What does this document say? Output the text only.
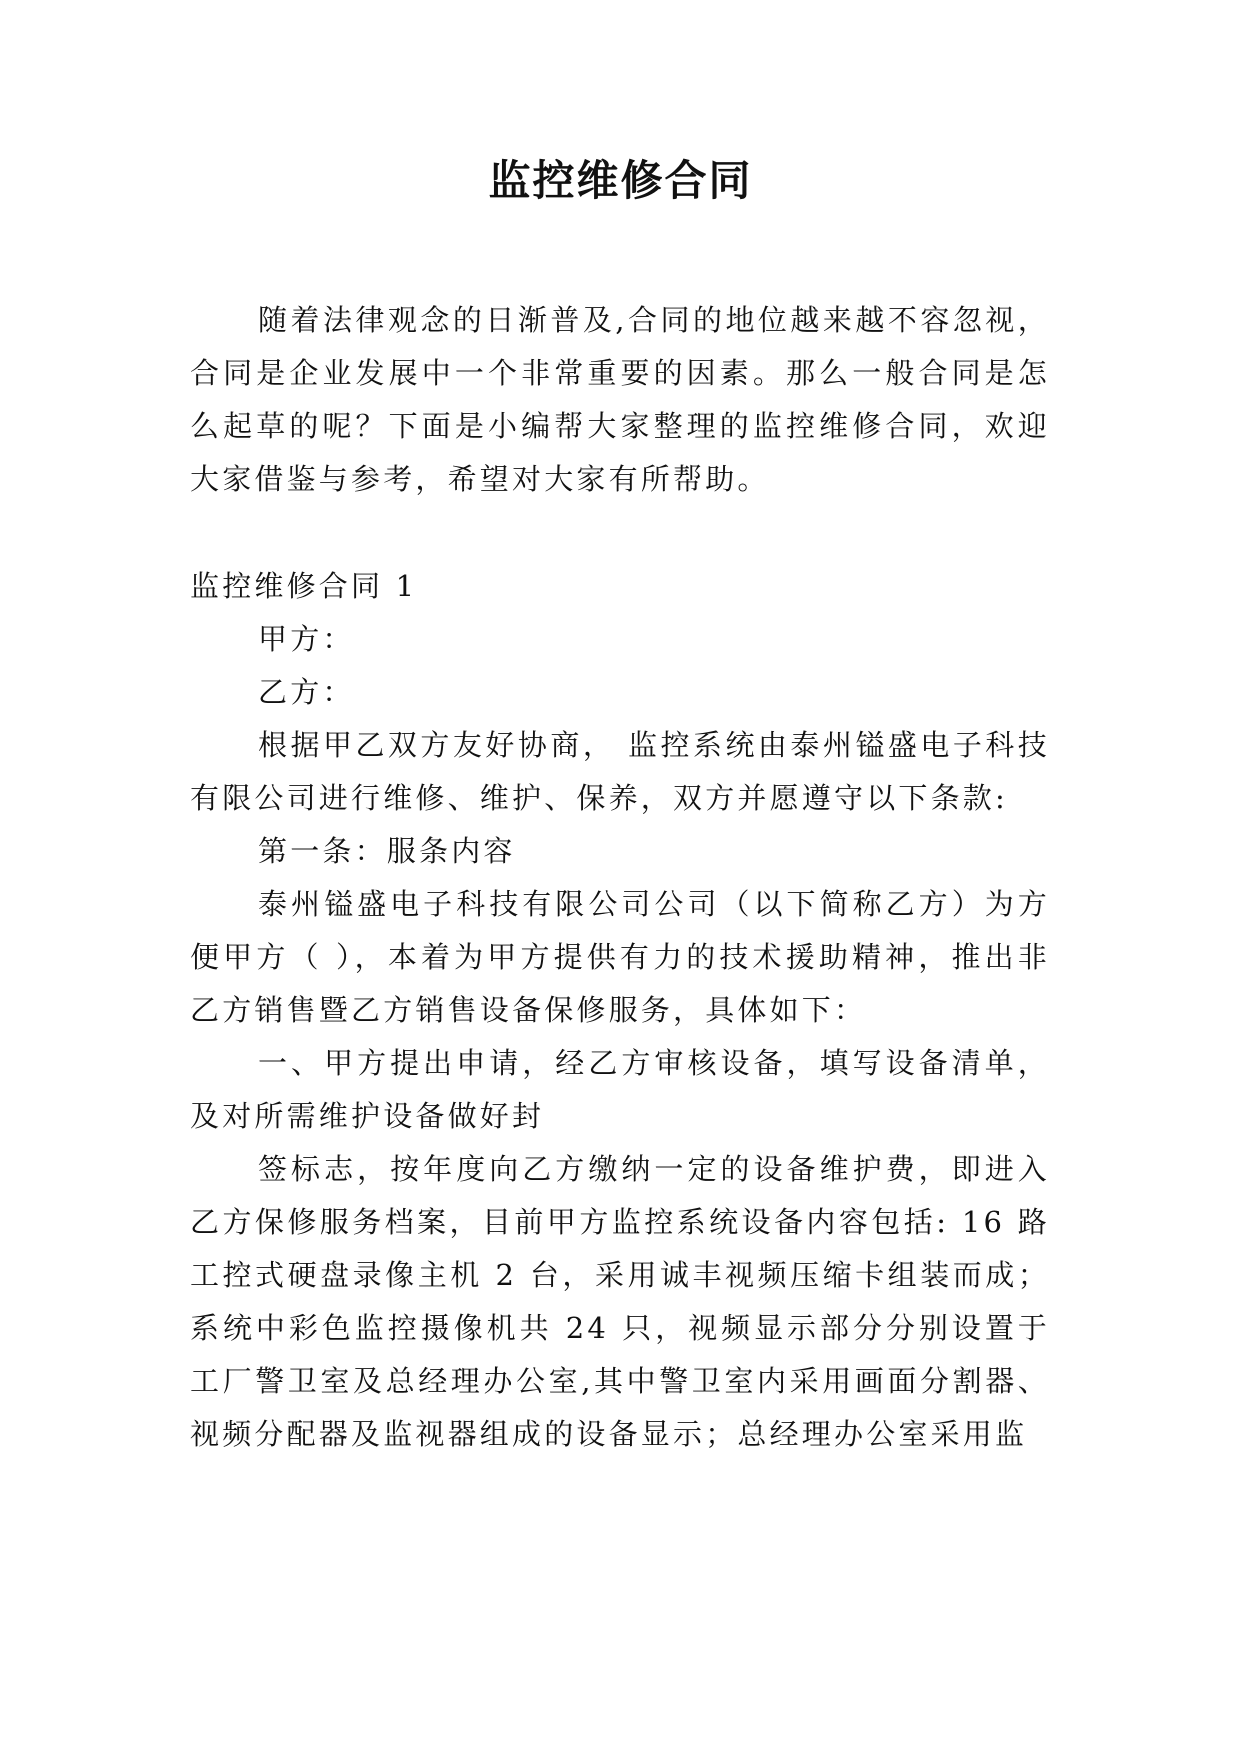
监控维修合同

随着法律观念的日渐普及,合同的地位越来越不容忽视，合同是企业发展中一个非常重要的因素。那么一般合同是怎么起草的呢？下面是小编帮大家整理的监控维修合同，欢迎大家借鉴与参考，希望对大家有所帮助。

监控维修合同 1

甲方：

乙方：

根据甲乙双方友好协商， 监控系统由泰州镒盛电子科技有限公司进行维修、维护、保养，双方并愿遵守以下条款:

第一条：服条内容

泰州镒盛电子科技有限公司公司（以下简称乙方）为方便甲方（ ），本着为甲方提供有力的技术援助精神，推出非乙方销售暨乙方销售设备保修服务，具体如下：

一、甲方提出申请，经乙方审核设备，填写设备清单，及对所需维护设备做好封

签标志，按年度向乙方缴纳一定的设备维护费，即进入乙方保修服务档案，目前甲方监控系统设备内容包括: 16 路工控式硬盘录像主机 2 台，采用诚丰视频压缩卡组装而成；系统中彩色监控摄像机共 24 只，视频显示部分分别设置于工厂警卫室及总经理办公室,其中警卫室内采用画面分割器、视频分配器及监视器组成的设备显示；总经理办公室采用监
